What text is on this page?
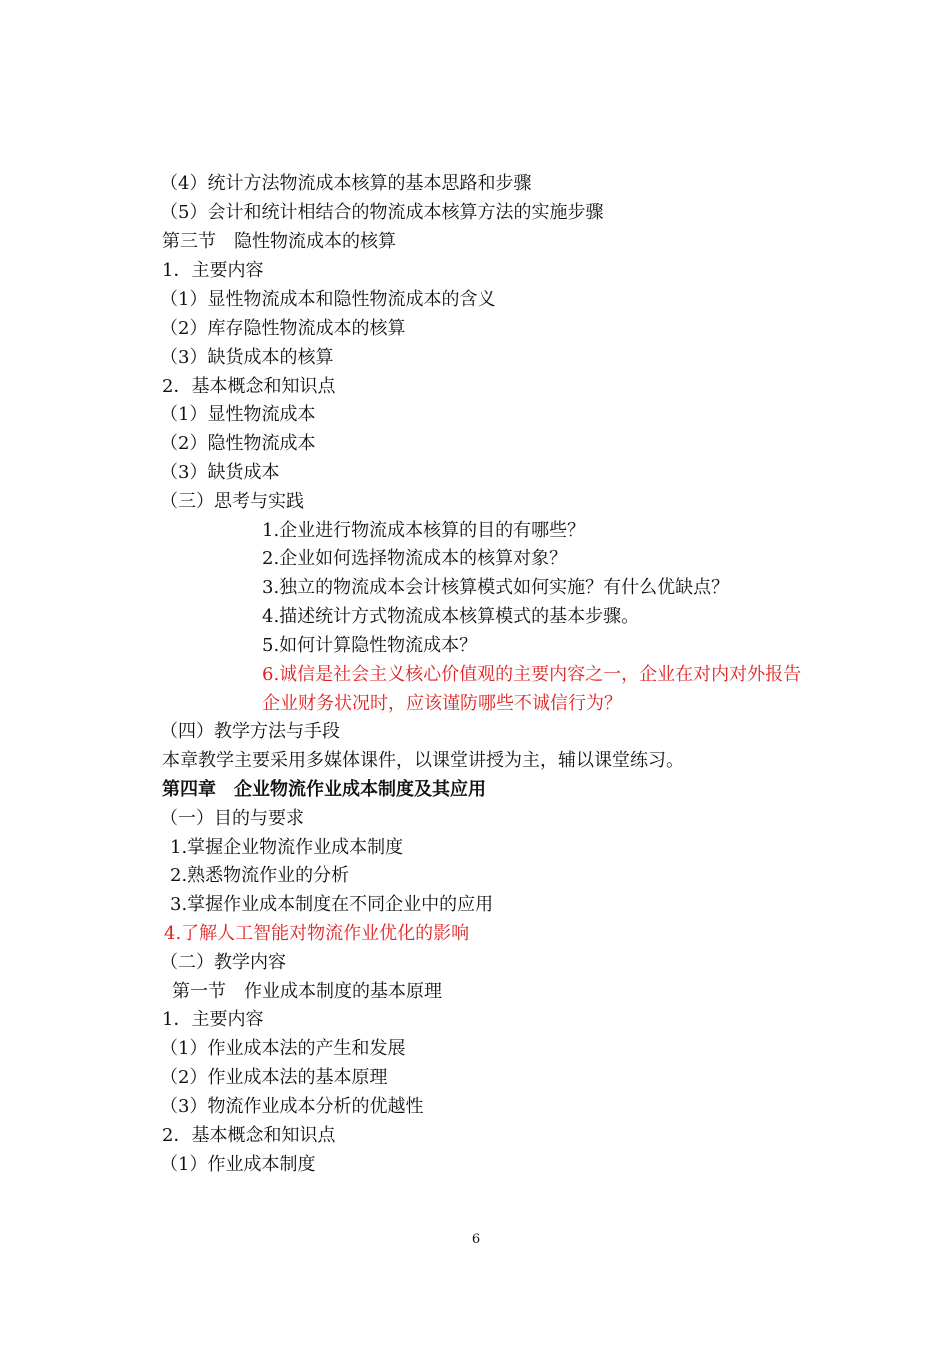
（4）统计方法物流成本核算的基本思路和步骤
（5）会计和统计相结合的物流成本核算方法的实施步骤
第三节　隐性物流成本的核算
1．主要内容
（1）显性物流成本和隐性物流成本的含义
（2）库存隐性物流成本的核算
（3）缺货成本的核算
2．基本概念和知识点
（1）显性物流成本
（2）隐性物流成本
（3）缺货成本
（三）思考与实践
1.企业进行物流成本核算的目的有哪些？
2.企业如何选择物流成本的核算对象？
3.独立的物流成本会计核算模式如何实施？有什么优缺点？
4.描述统计方式物流成本核算模式的基本步骤。
5.如何计算隐性物流成本？
6.诚信是社会主义核心价值观的主要内容之一，企业在对内对外报告
企业财务状况时，应该谨防哪些不诚信行为？
（四）教学方法与手段
本章教学主要采用多媒体课件，以课堂讲授为主，辅以课堂练习。
第四章　企业物流作业成本制度及其应用
（一）目的与要求
1.掌握企业物流作业成本制度
2.熟悉物流作业的分析
3.掌握作业成本制度在不同企业中的应用
4.了解人工智能对物流作业优化的影响
（二）教学内容
第一节　作业成本制度的基本原理
1．主要内容
（1）作业成本法的产生和发展
（2）作业成本法的基本原理
（3）物流作业成本分析的优越性
2．基本概念和知识点
（1）作业成本制度
6
